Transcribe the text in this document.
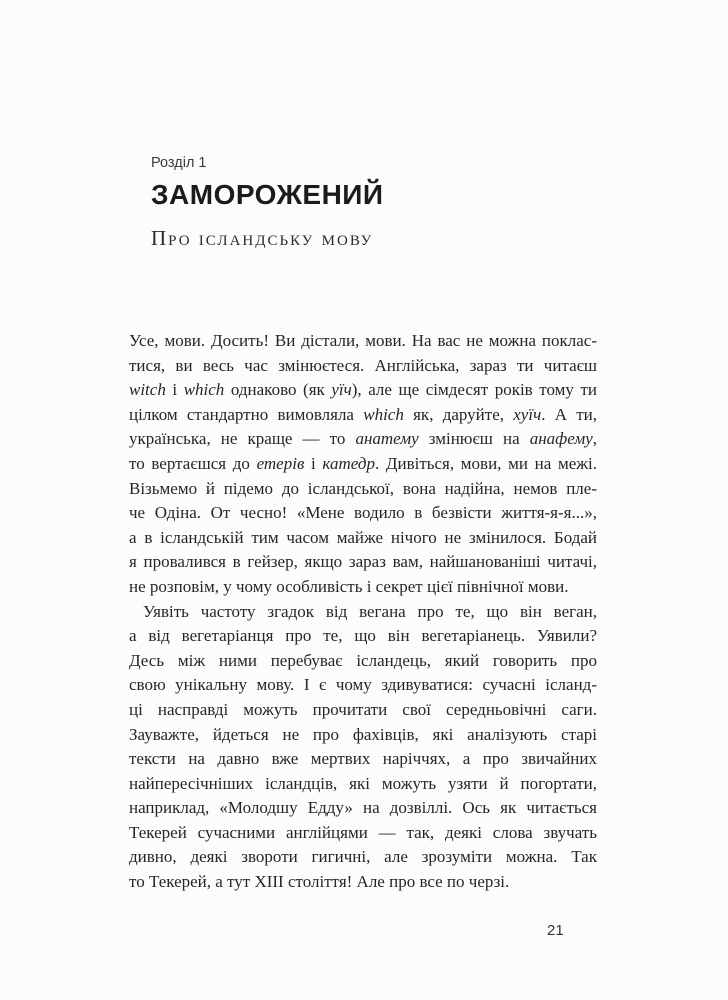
Розділ 1
ЗАМОРОЖЕНИЙ
Про ісландську мову
Усе, мови. Досить! Ви дістали, мови. На вас не можна поклас-
тися, ви весь час змінюєтеся. Англійська, зараз ти читаєш
witch і which однаково (як уїч), але ще сімдесят років тому ти
цілком стандартно вимовляла which як, даруйте, хуїч. А ти,
українська, не краще — то анатему змінюєш на анафему,
то вертаєшся до етерів і катедр. Дивіться, мови, ми на межі.
Візьмемо й підемо до ісландської, вона надійна, немов пле-
че Одіна. От чесно! «Мене водило в безвісти життя-я-я...»,
а в ісландській тим часом майже нічого не змінилося. Бодай
я провалився в гейзер, якщо зараз вам, найшанованіші читачі,
не розповім, у чому особливість і секрет цієї північної мови.
Уявіть частоту згадок від вегана про те, що він веган,
а від вегетаріанця про те, що він вегетаріанець. Уявили?
Десь між ними перебуває ісландець, який говорить про
свою унікальну мову. І є чому здивуватися: сучасні ісланд-
ці насправді можуть прочитати свої середньовічні саги.
Зауважте, йдеться не про фахівців, які аналізують старі
тексти на давно вже мертвих наріччях, а про звичайних
найпересічніших ісландців, які можуть узяти й погортати,
наприклад, «Молодшу Едду» на дозвіллі. Ось як читається
Текерей сучасними англійцями — так, деякі слова звучать
дивно, деякі звороти гигичні, але зрозуміти можна. Так
то Текерей, а тут XIII століття! Але про все по черзі.
21
